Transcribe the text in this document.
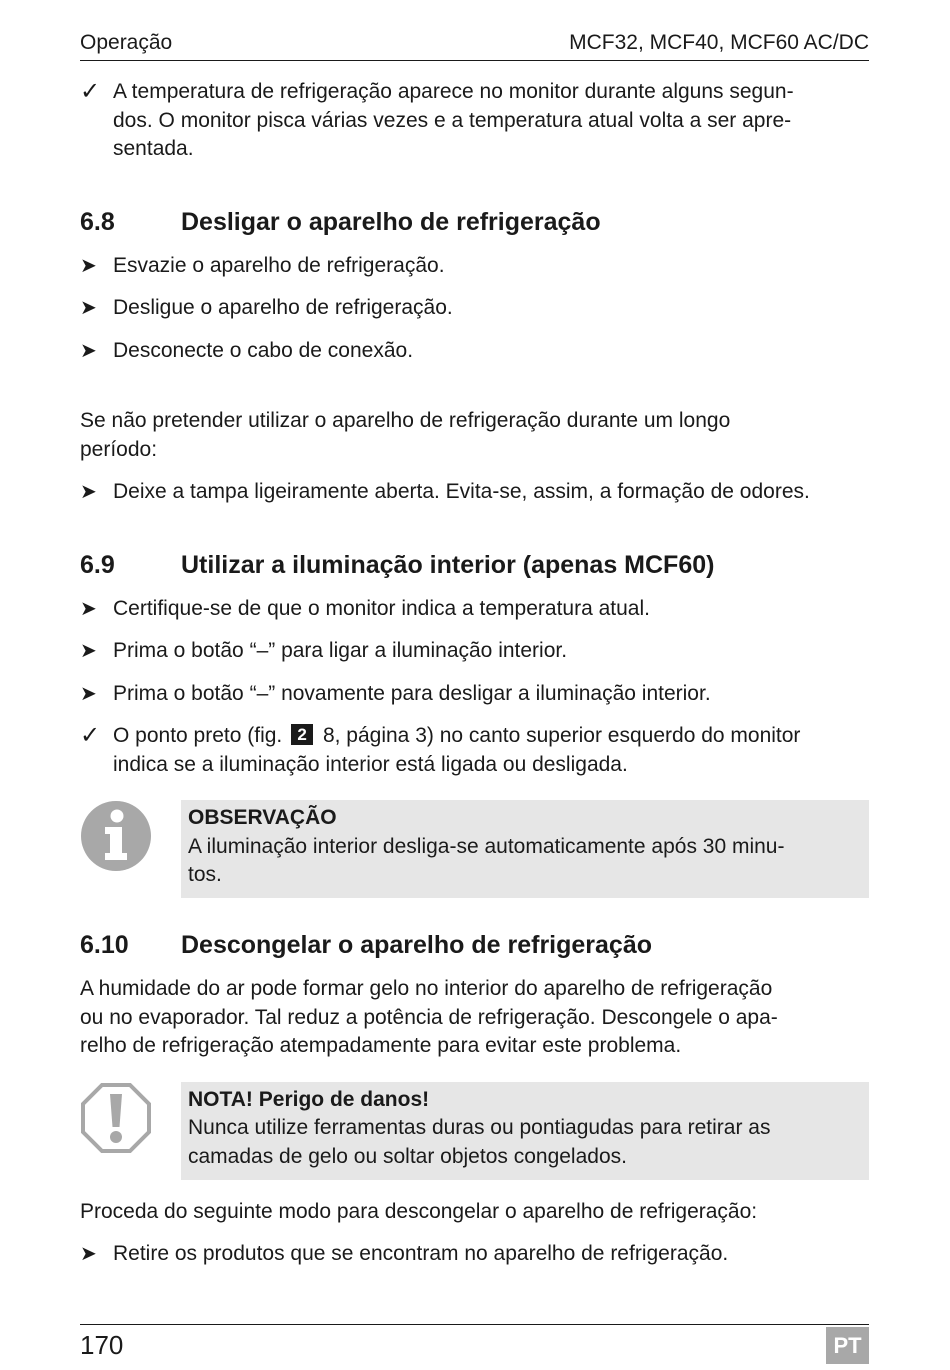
Operação	MCF32, MCF40, MCF60 AC/DC
✓ A temperatura de refrigeração aparece no monitor durante alguns segun-
dos. O monitor pisca várias vezes e a temperatura atual volta a ser apre-
sentada.
6.8	Desligar o aparelho de refrigeração
➤ Esvazie o aparelho de refrigeração.
➤ Desligue o aparelho de refrigeração.
➤ Desconecte o cabo de conexão.
Se não pretender utilizar o aparelho de refrigeração durante um longo
período:
➤ Deixe a tampa ligeiramente aberta. Evita-se, assim, a formação de odores.
6.9	Utilizar a iluminação interior (apenas MCF60)
➤ Certifique-se de que o monitor indica a temperatura atual.
➤ Prima o botão “–” para ligar a iluminação interior.
➤ Prima o botão “–” novamente para desligar a iluminação interior.
✓ O ponto preto (fig. 2 8, página 3) no canto superior esquerdo do monitor
indica se a iluminação interior está ligada ou desligada.
OBSERVAÇÃO
A iluminação interior desliga-se automaticamente após 30 minu-
tos.
6.10 Descongelar o aparelho de refrigeração
A humidade do ar pode formar gelo no interior do aparelho de refrigeração
ou no evaporador. Tal reduz a potência de refrigeração. Descongele o apa-
relho de refrigeração atempadamente para evitar este problema.
NOTA! Perigo de danos!
Nunca utilize ferramentas duras ou pontiagudas para retirar as
camadas de gelo ou soltar objetos congelados.
Proceda do seguinte modo para descongelar o aparelho de refrigeração:
➤ Retire os produtos que se encontram no aparelho de refrigeração.
170	PT
